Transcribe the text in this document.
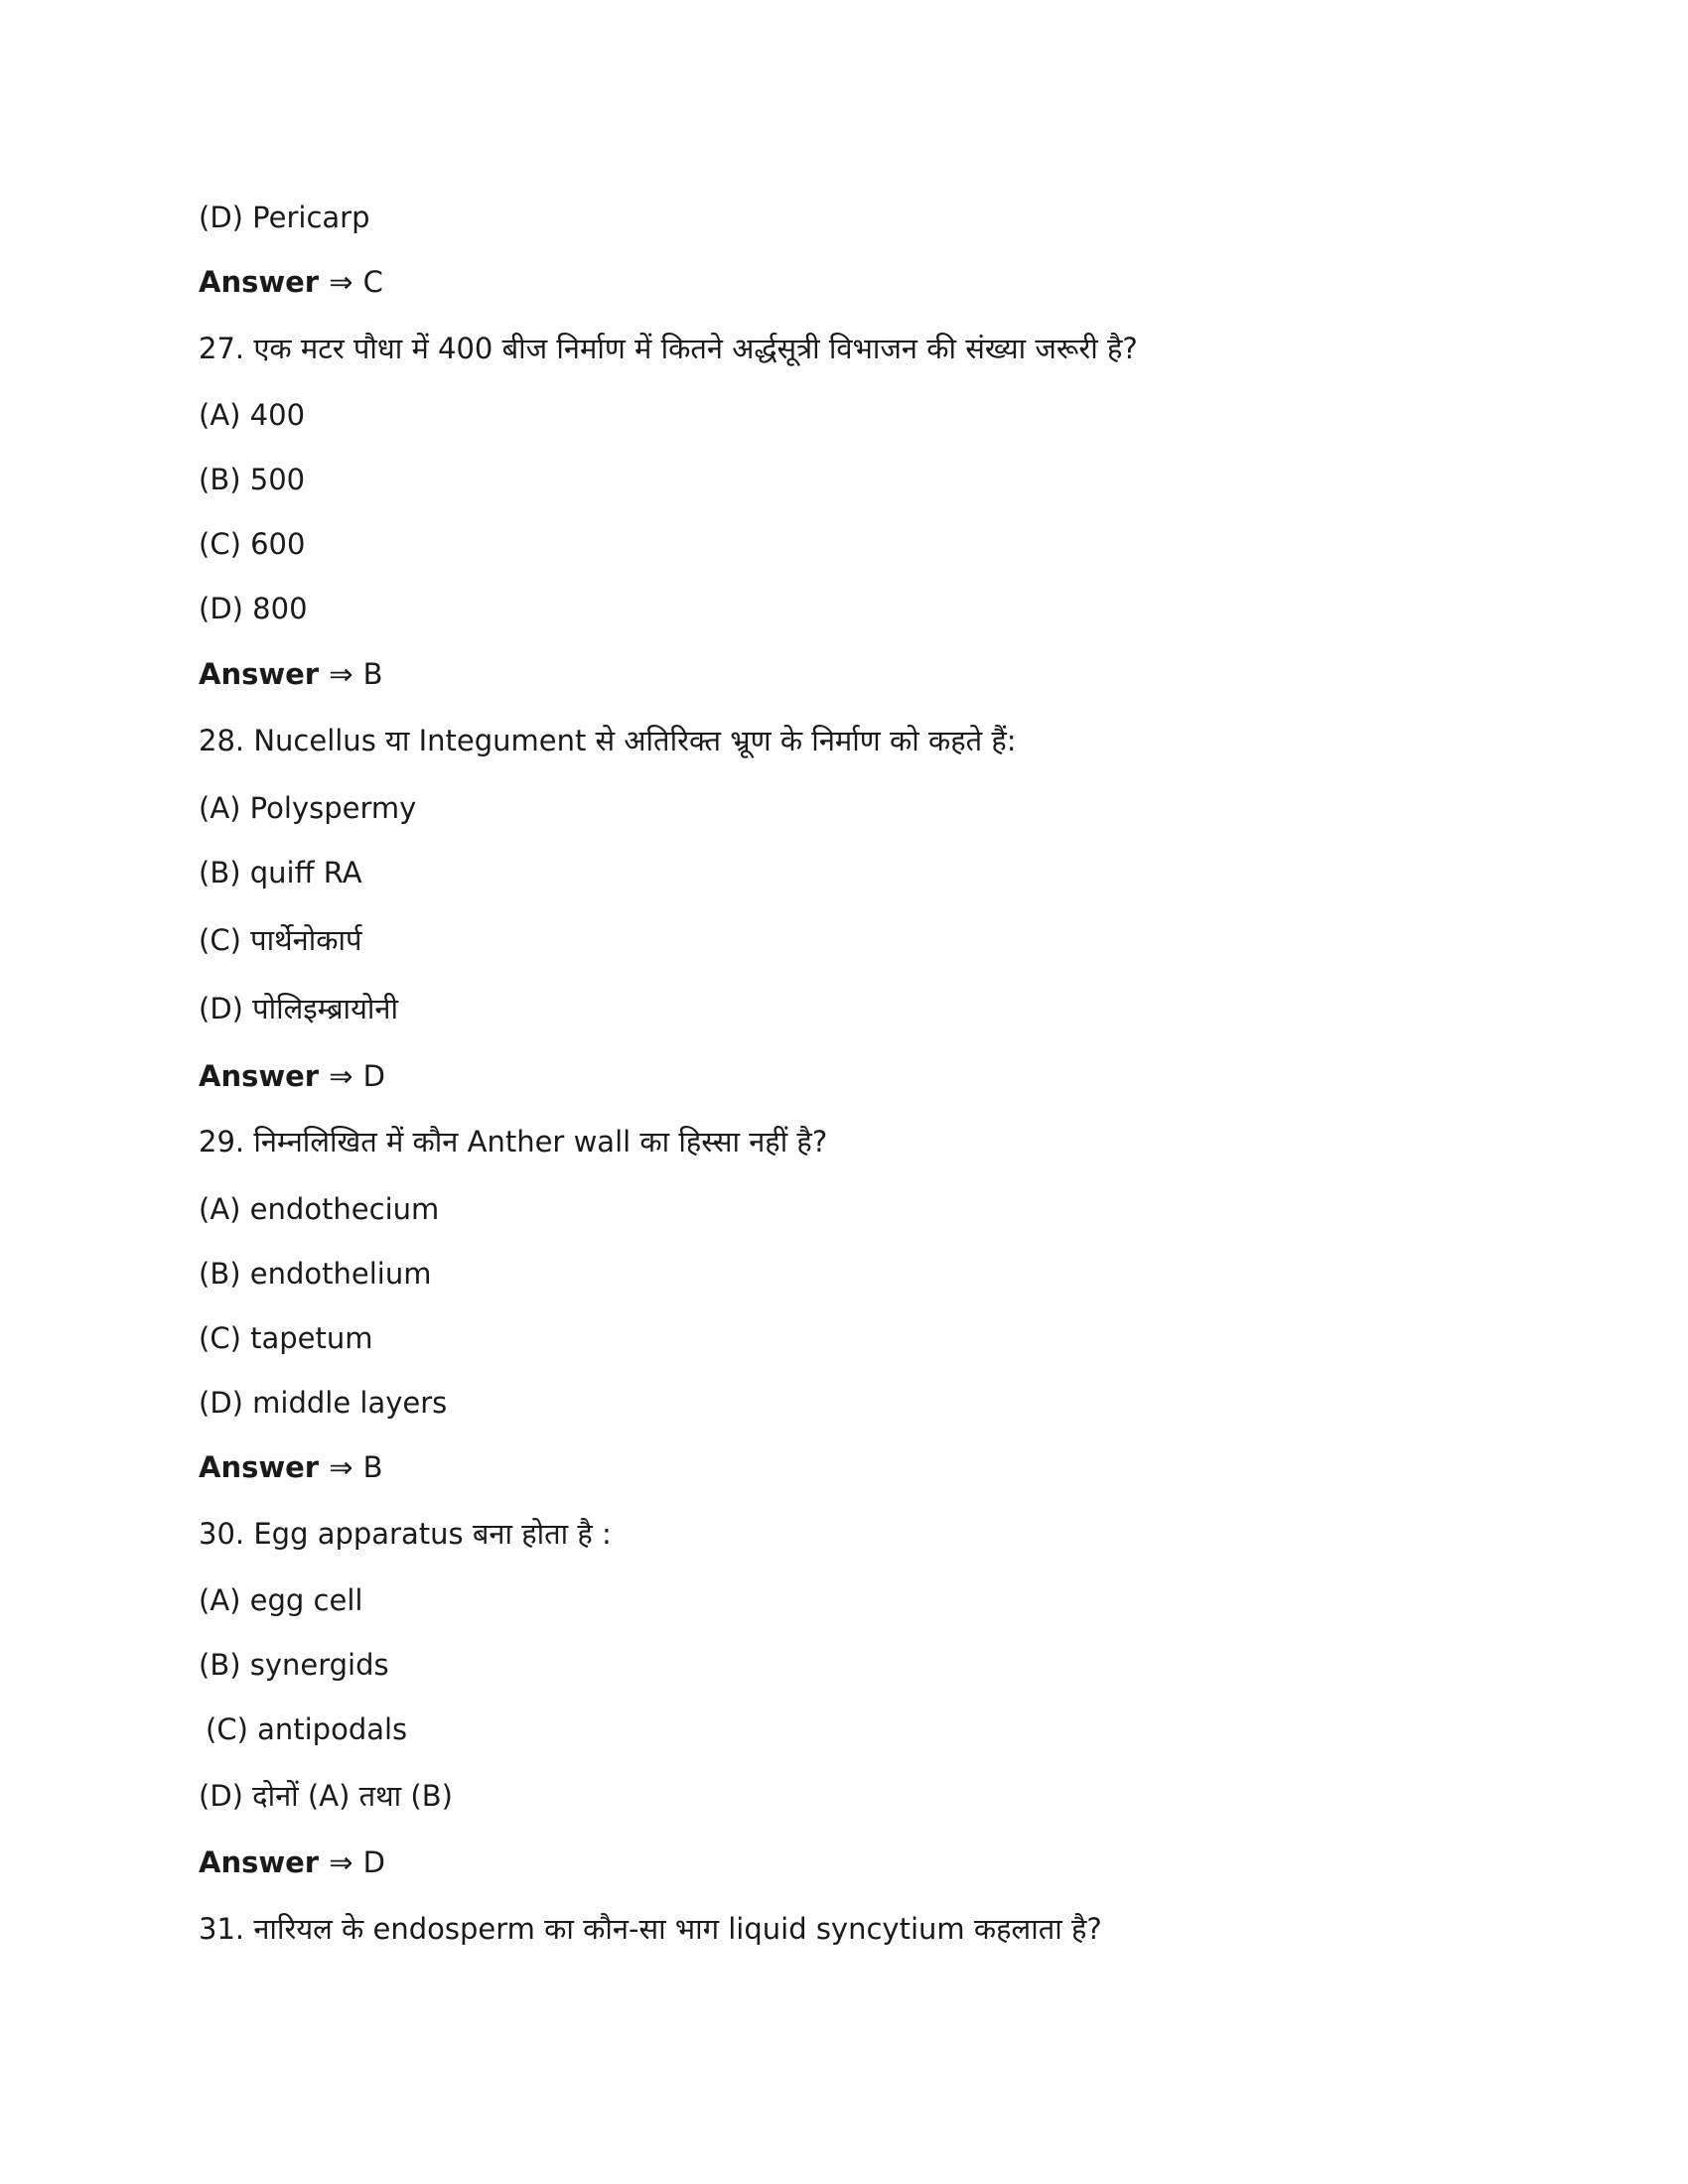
(D) Pericarp

Answer ⇒ C

27. एक मटर पौधा में 400 बीज निर्माण में कितने अर्द्धसूत्री विभाजन की संख्या जरूरी है?

(A) 400

(B) 500

(C) 600

(D) 800

Answer ⇒ B

28. Nucellus या Integument से अतिरिक्त भ्रूण के निर्माण को कहते हैं:

(A) Polyspermy

(B) quiff RA

(C) पार्थेनोकार्प

(D) पोलिइम्ब्रायोनी

Answer ⇒ D

29. निम्नलिखित में कौन Anther wall का हिस्सा नहीं है?

(A) endothecium

(B) endothelium

(C) tapetum

(D) middle layers

Answer ⇒ B

30. Egg apparatus बना होता है :

(A) egg cell

(B) synergids

(C) antipodals

(D) दोनों (A) तथा (B)

Answer ⇒ D

31. नारियल के endosperm का कौन-सा भाग liquid syncytium कहलाता है?
